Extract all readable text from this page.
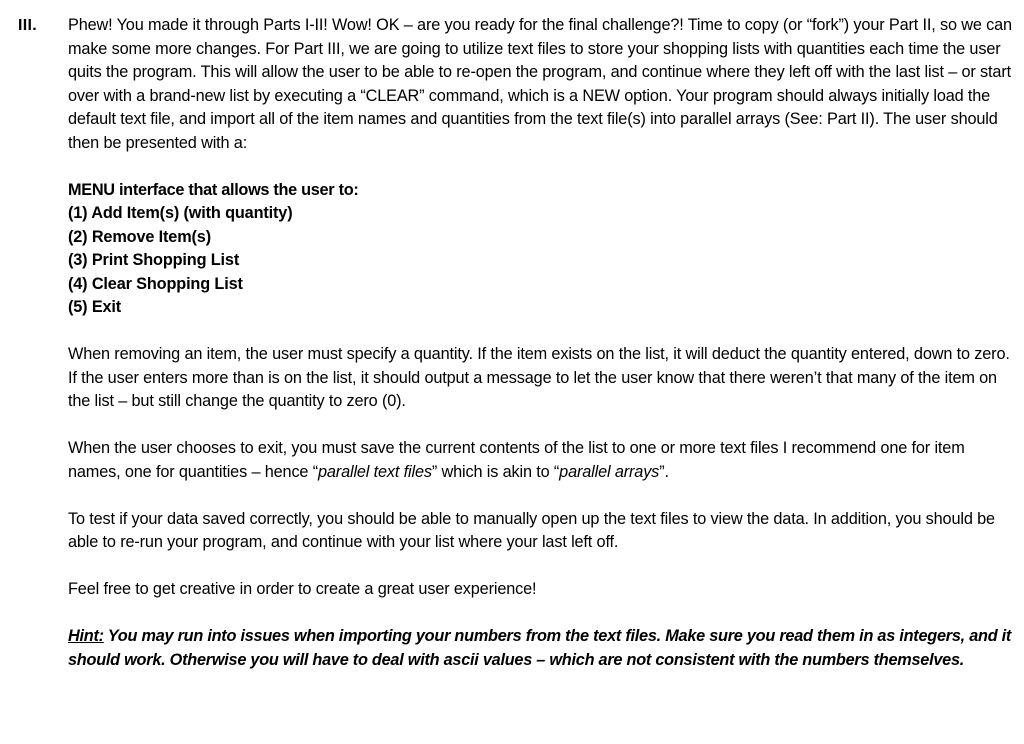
III. Phew! You made it through Parts I-II! Wow! OK – are you ready for the final challenge?! Time to copy (or “fork”) your Part II, so we can make some more changes. For Part III, we are going to utilize text files to store your shopping lists with quantities each time the user quits the program. This will allow the user to be able to re-open the program, and continue where they left off with the last list – or start over with a brand-new list by executing a “CLEAR” command, which is a NEW option. Your program should always initially load the default text file, and import all of the item names and quantities from the text file(s) into parallel arrays (See: Part II). The user should then be presented with a:

MENU interface that allows the user to:
(1) Add Item(s) (with quantity)
(2) Remove Item(s)
(3) Print Shopping List
(4) Clear Shopping List
(5) Exit

When removing an item, the user must specify a quantity. If the item exists on the list, it will deduct the quantity entered, down to zero. If the user enters more than is on the list, it should output a message to let the user know that there weren’t that many of the item on the list – but still change the quantity to zero (0).

When the user chooses to exit, you must save the current contents of the list to one or more text files I recommend one for item names, one for quantities – hence “parallel text files” which is akin to “parallel arrays”.

To test if your data saved correctly, you should be able to manually open up the text files to view the data. In addition, you should be able to re-run your program, and continue with your list where your last left off.

Feel free to get creative in order to create a great user experience!

Hint: You may run into issues when importing your numbers from the text files. Make sure you read them in as integers, and it should work. Otherwise you will have to deal with ascii values – which are not consistent with the numbers themselves.
